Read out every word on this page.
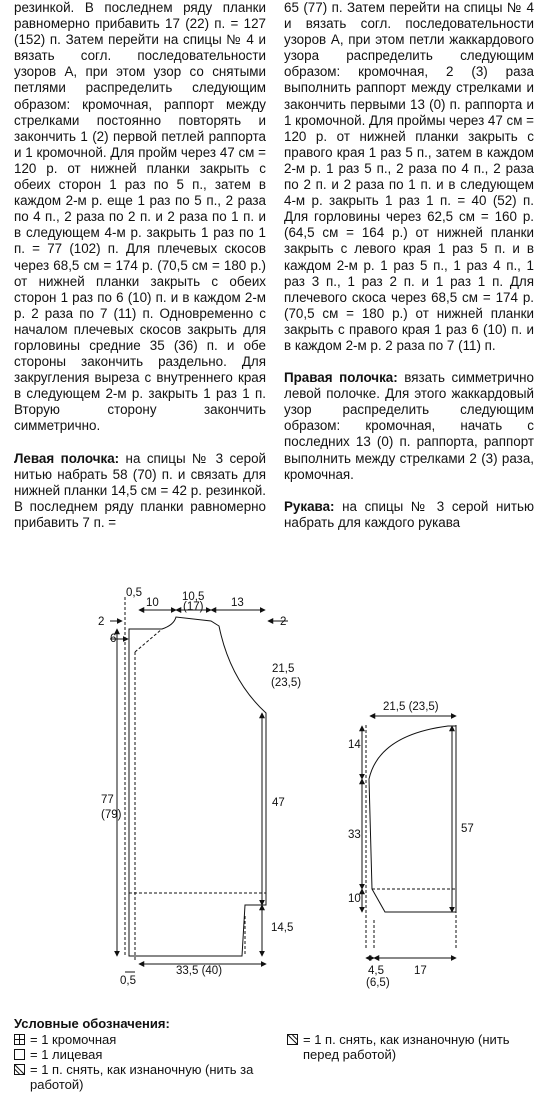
резинкой. В последнем ряду планки равномерно прибавить 17 (22) п. = 127 (152) п. Затем перейти на спицы № 4 и вязать согл. последовательности узоров А, при этом узор со снятыми петлями распределить следующим образом: кромочная, раппорт между стрелками постоянно повторять и закончить 1 (2) первой петлей раппорта и 1 кромочной. Для пройм через 47 см = 120 р. от нижней планки закрыть с обеих сторон 1 раз по 5 п., затем в каждом 2-м р. еще 1 раз по 5 п., 2 раза по 4 п., 2 раза по 2 п. и 2 раза по 1 п. и в следующем 4-м р. закрыть 1 раз по 1 п. = 77 (102) п. Для плечевых скосов через 68,5 см = 174 р. (70,5 см = 180 р.) от нижней планки закрыть с обеих сторон 1 раз по 6 (10) п. и в каждом 2-м р. 2 раза по 7 (11) п. Одновременно с началом плечевых скосов закрыть для горловины средние 35 (36) п. и обе стороны закончить раздельно. Для закругления выреза с внутреннего края в следующем 2-м р. закрыть 1 раз 1 п. Вторую сторону закончить симметрично.

Левая полочка: на спицы № 3 серой нитью набрать 58 (70) п. и связать для нижней планки 14,5 см = 42 р. резинкой. В последнем ряду планки равномерно прибавить 7 п. =

65 (77) п. Затем перейти на спицы № 4 и вязать согл. последовательности узоров А, при этом петли жаккардового узора распределить следующим образом: кромочная, 2 (3) раза выполнить раппорт между стрелками и закончить первыми 13 (0) п. раппорта и 1 кромочной. Для проймы через 47 см = 120 р. от нижней планки закрыть с правого края 1 раз 5 п., затем в каждом 2-м р. 1 раз 5 п., 2 раза по 4 п., 2 раза по 2 п. и 2 раза по 1 п. и в следующем 4-м р. закрыть 1 раз 1 п. = 40 (52) п. Для горловины через 62,5 см = 160 р. (64,5 см = 164 р.) от нижней планки закрыть с левого края 1 раз 5 п. и в каждом 2-м р. 1 раз 5 п., 1 раз 4 п., 1 раз 3 п., 1 раз 2 п. и 1 раз 1 п. Для плечевого скоса через 68,5 см = 174 р. (70,5 см = 180 р.) от нижней планки закрыть с правого края 1 раз 6 (10) п. и в каждом 2-м р. 2 раза по 7 (11) п.

Правая полочка: вязать симметрично левой полочке. Для этого жаккардовый узор распределить следующим образом: кромочная, начать с последних 13 (0) п. раппорта, раппорт выполнить между стрелками 2 (3) раза, кромочная.

Рукава: на спицы № 3 серой нитью набрать для каждого рукава

0,5
10 10,5
(17) 13
2	2
6
21,5
(23,5)
77
(79)
47
14,5
33,5 (40)
0,5
21,5 (23,5)
14
33	57
10
4,5
(6,5)
17
Условные обозначения:
= 1 кромочная
= 1 лицевая
= 1 п. снять, как изнаночную (нить за работой)
= 1 п. снять, как изнаночную (нить перед работой)
